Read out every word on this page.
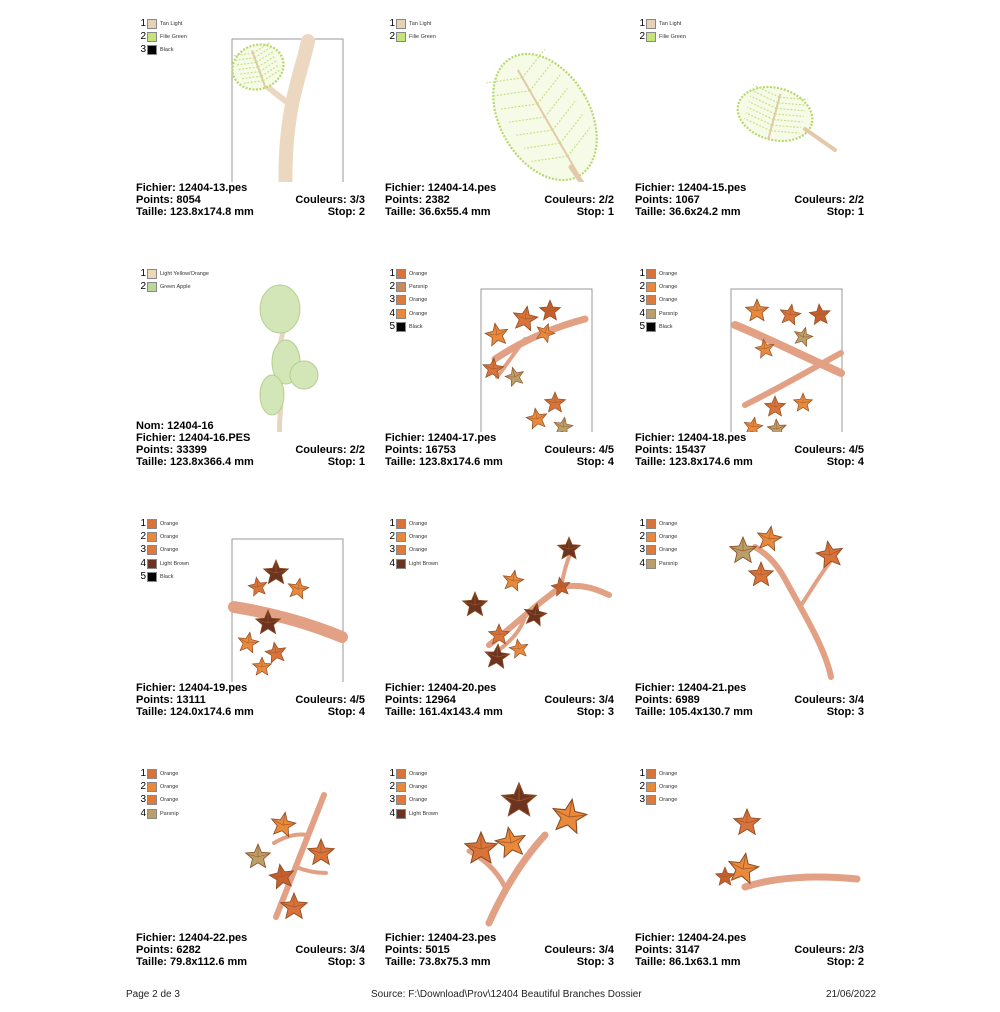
1	Tan Light
2	Filie Green
3	Black
Fichier: 12404-13.pes
Points: 8054	Couleurs: 3/3
Taille: 123.8x174.8 mm	Stop: 2
1	Tan Light
2	Filie Green
Fichier: 12404-14.pes
Points: 2382	Couleurs: 2/2
Taille: 36.6x55.4 mm	Stop: 1
1	Tan Light
2	Filie Green
Fichier: 12404-15.pes
Points: 1067	Couleurs: 2/2
Taille: 36.6x24.2 mm	Stop: 1
1	Light Yellow/Orange
2	Green Apple
Nom: 12404-16
Fichier: 12404-16.PES
Points: 33399	Couleurs: 2/2
Taille: 123.8x366.4 mm	Stop: 1
1	Orange
2	Parsnip
3	Orange
4	Orange
5	Black
Fichier: 12404-17.pes
Points: 16753	Couleurs: 4/5
Taille: 123.8x174.6 mm	Stop: 4
1	Orange
2	Orange
3	Orange
4	Parsnip
5	Black
Fichier: 12404-18.pes
Points: 15437	Couleurs: 4/5
Taille: 123.8x174.6 mm	Stop: 4
1	Orange
2	Orange
3	Orange
4	Light Brown
5	Black
Fichier: 12404-19.pes
Points: 13111	Couleurs: 4/5
Taille: 124.0x174.6 mm	Stop: 4
1	Orange
2	Orange
3	Orange
4	Light Brown
Fichier: 12404-20.pes
Points: 12964	Couleurs: 3/4
Taille: 161.4x143.4 mm	Stop: 3
1	Orange
2	Orange
3	Orange
4	Parsnip
Fichier: 12404-21.pes
Points: 6989	Couleurs: 3/4
Taille: 105.4x130.7 mm	Stop: 3
1	Orange
2	Orange
3	Orange
4	Parsnip
Fichier: 12404-22.pes
Points: 6282	Couleurs: 3/4
Taille: 79.8x112.6 mm	Stop: 3
1	Orange
2	Orange
3	Orange
4	Light Brown
Fichier: 12404-23.pes
Points: 5015	Couleurs: 3/4
Taille: 73.8x75.3 mm	Stop: 3
1	Orange
2	Orange
3	Orange
Fichier: 12404-24.pes
Points: 3147	Couleurs: 2/3
Taille: 86.1x63.1 mm	Stop: 2
Page 2 de 3	Source: F:\Download\Prov\12404 Beautiful Branches Dossier	21/06/2022
